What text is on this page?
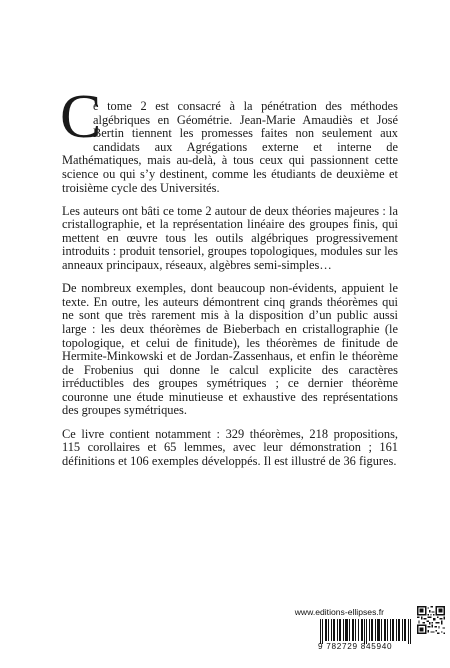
C
e tome 2 est consacré à la pénétration des méthodes algébriques en Géométrie. Jean-Marie Amaudiès et José Bertin tiennent les promesses faites non seulement aux candidats aux Agrégations externe et interne de Mathématiques, mais au-delà, à tous ceux qui passionnent cette science ou qui s’y destinent, comme les étudiants de deuxième et troisième cycle des Universités.

Les auteurs ont bâti ce tome 2 autour de deux théories majeures : la cristallographie, et la représentation linéaire des groupes finis, qui mettent en œuvre tous les outils algébriques progressivement introduits : produit tensoriel, groupes topologiques, modules sur les anneaux principaux, réseaux, algèbres semi-simples…

De nombreux exemples, dont beaucoup non-évidents, appuient le texte. En outre, les auteurs démontrent cinq grands théorèmes qui ne sont que très rarement mis à la disposition d’un public aussi large : les deux théorèmes de Bieberbach en cristallographie (le topologique, et celui de finitude), les théorèmes de finitude de Hermite-Minkowski et de Jordan-Zassenhaus, et enfin le théorème de Frobenius qui donne le calcul explicite des caractères irréductibles des groupes symétriques ; ce dernier théorème couronne une étude minutieuse et exhaustive des représentations des groupes symétriques.

Ce livre contient notamment : 329 théorèmes, 218 propositions, 115 corollaires et 65 lemmes, avec leur démonstration ; 161 définitions et 106 exemples développés. Il est illustré de 36 figures.

www.editions-ellipses.fr
9 782729 845940
